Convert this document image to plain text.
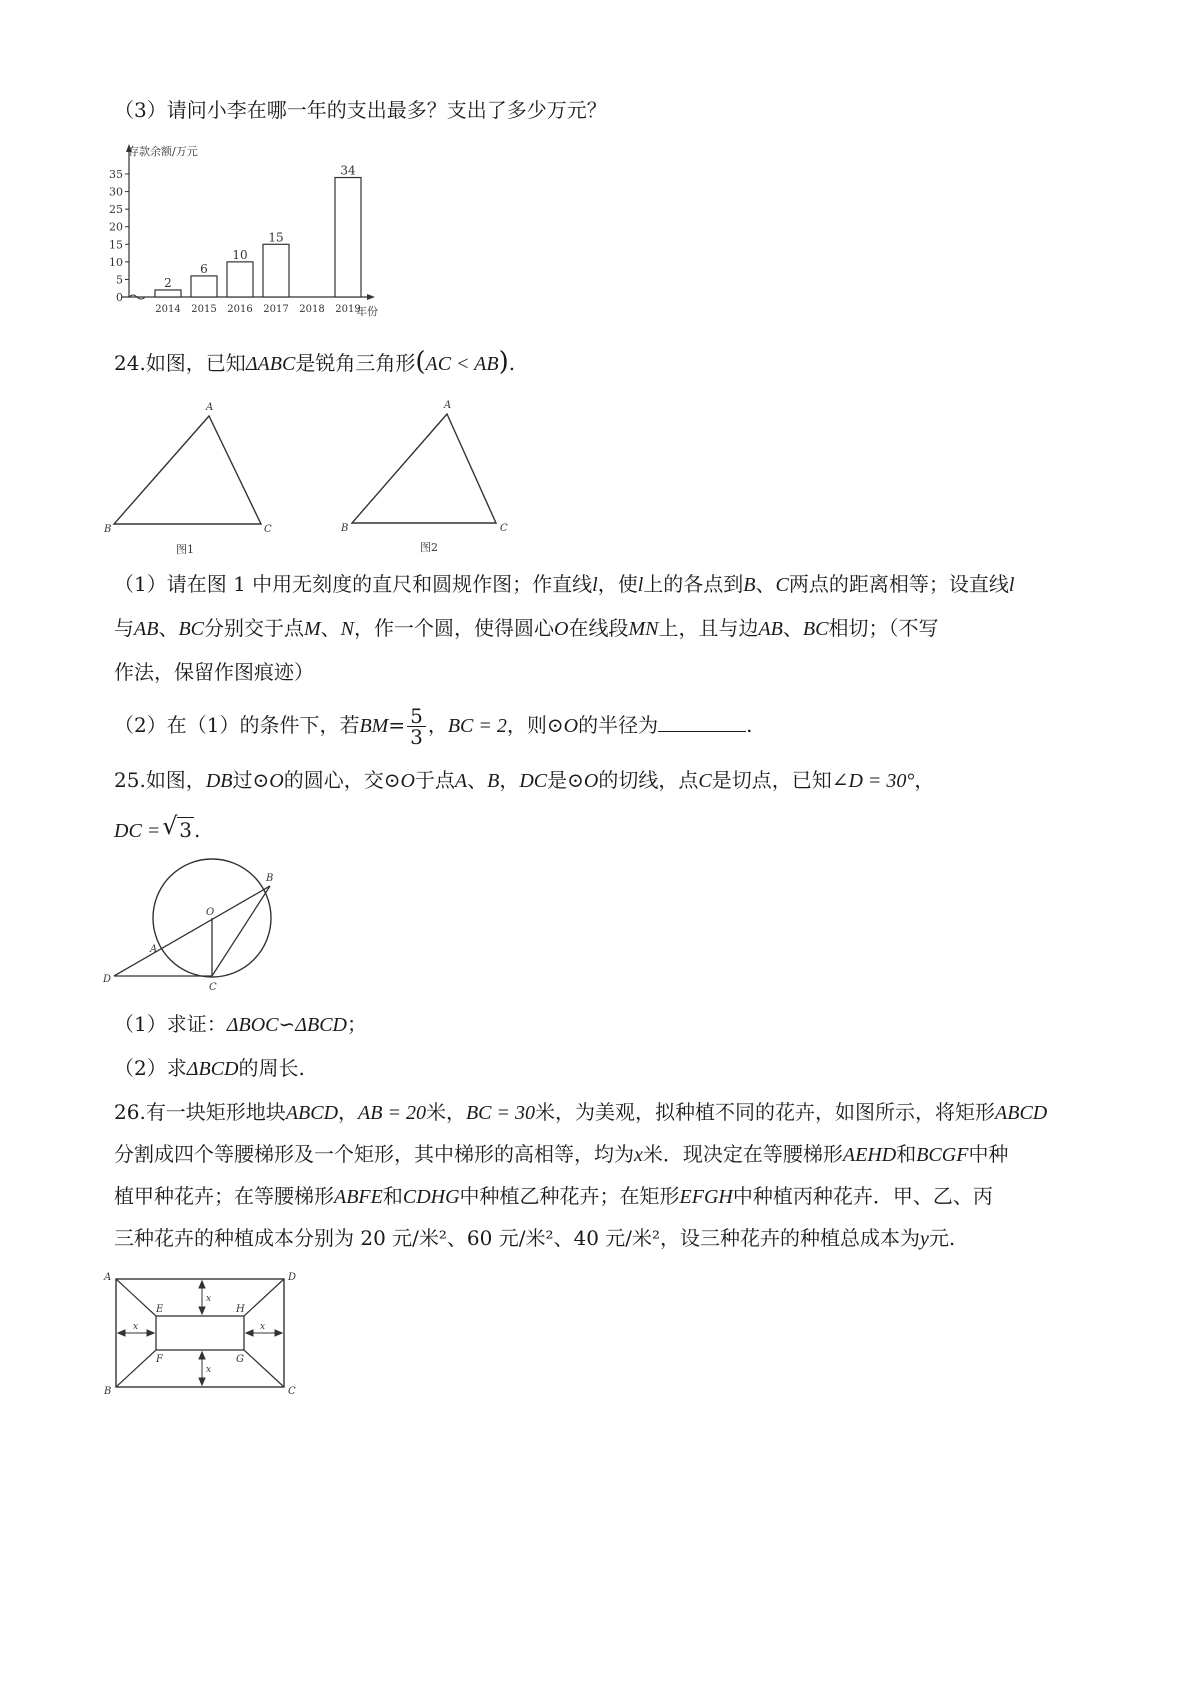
（3）请问小李在哪一年的支出最多？支出了多少万元？
存款余额/万元
年份
0
5
10
15
20
25
30
35
2
2014
6
2015
10
2016
15
2017 2018
34
2019
24.如图，已知ΔABC是锐角三角形(AC < AB).
A
B	C
图1
A
B	C
图2
（1）请在图 1 中用无刻度的直尺和圆规作图；作直线l，使l上的各点到B、C两点的距离相等；设直线l
与AB、BC分别交于点M、N，作一个圆，使得圆心O在线段MN上，且与边AB、BC相切；（不写
作法，保留作图痕迹）
（2）在（1）的条件下，若$BM= \frac{5}{3}$ ，BC = 2，则⊙O的半径为	.
25.如图，DB过⊙O的圆心，交⊙O于点A、B，DC是⊙O的切线，点C是切点，已知∠D = 30°，
DC = √ 3 .
B
O
A
D
C
（1）求证：ΔBOC∽ΔBCD；
（2）求ΔBCD的周长.
26.有一块矩形地块ABCD，AB = 20米，BC = 30米，为美观，拟种植不同的花卉，如图所示，将矩形ABCD
分割成四个等腰梯形及一个矩形，其中梯形的高相等，均为x米．现决定在等腰梯形AEHD和BCGF中种
植甲种花卉；在等腰梯形ABFE和CDHG中种植乙种花卉；在矩形EFGH中种植丙种花卉．甲、乙、丙
三种花卉的种植成本分别为 20 元/米²、60 元/米²、40 元/米²，设三种花卉的种植总成本为y元.
x
x
x	x
A	D
B	C
E	H
F	G
